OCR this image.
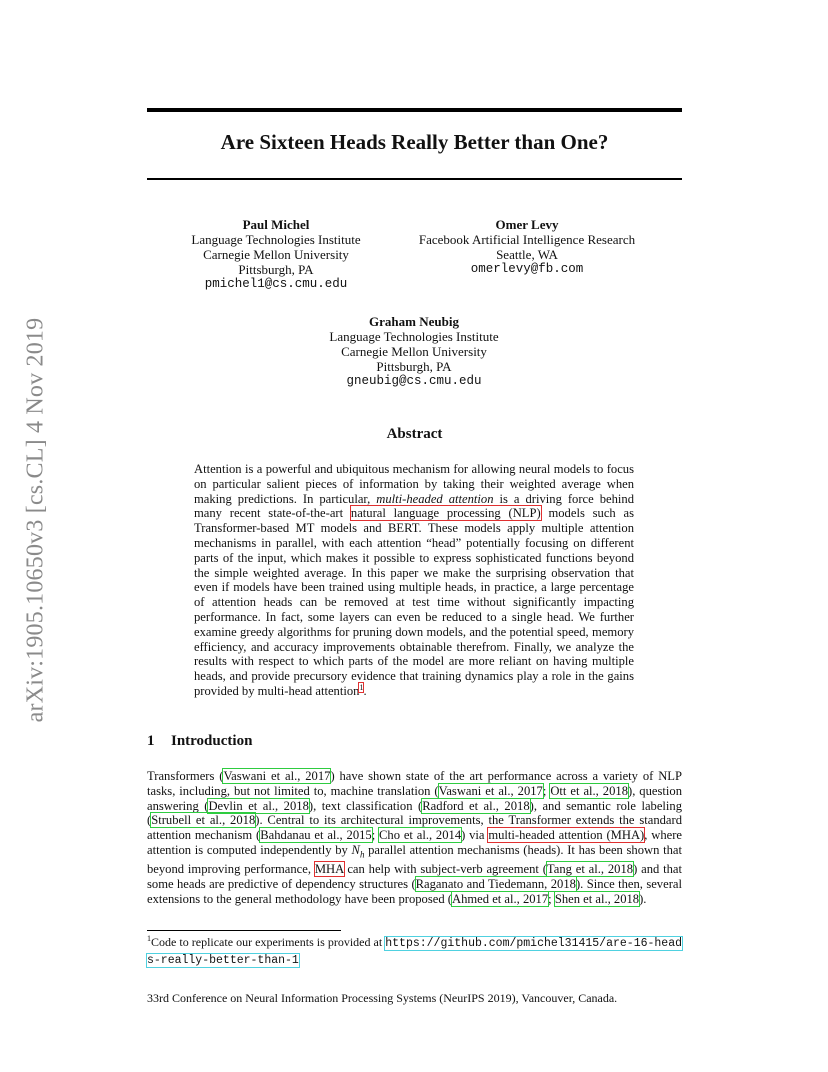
arXiv:1905.10650v3 [cs.CL] 4 Nov 2019
Are Sixteen Heads Really Better than One?
Paul Michel
Language Technologies Institute
Carnegie Mellon University
Pittsburgh, PA
pmichel1@cs.cmu.edu
Omer Levy
Facebook Artificial Intelligence Research
Seattle, WA
omerlevy@fb.com
Graham Neubig
Language Technologies Institute
Carnegie Mellon University
Pittsburgh, PA
gneubig@cs.cmu.edu
Abstract

Attention is a powerful and ubiquitous mechanism for allowing neural models to focus on particular salient pieces of information by taking their weighted average when making predictions. In particular, multi-headed attention is a driving force behind many recent state-of-the-art natural language processing (NLP) models such as Transformer-based MT models and BERT. These models apply multiple attention mechanisms in parallel, with each attention “head” potentially focusing on different parts of the input, which makes it possible to express sophisticated functions beyond the simple weighted average. In this paper we make the surprising observation that even if models have been trained using multiple heads, in practice, a large percentage of attention heads can be removed at test time without significantly impacting performance. In fact, some layers can even be reduced to a single head. We further examine greedy algorithms for pruning down models, and the potential speed, memory efficiency, and accuracy improvements obtainable therefrom. Finally, we analyze the results with respect to which parts of the model are more reliant on having multiple heads, and provide precursory evidence that training dynamics play a role in the gains provided by multi-head attention$^1$.

1 Introduction

Transformers (Vaswani et al., 2017) have shown state of the art performance across a variety of NLP tasks, including, but not limited to, machine translation (Vaswani et al., 2017; Ott et al., 2018), question answering (Devlin et al., 2018), text classification (Radford et al., 2018), and semantic role labeling (Strubell et al., 2018). Central to its architectural improvements, the Transformer extends the standard attention mechanism (Bahdanau et al., 2015; Cho et al., 2014) via multi-headed attention (MHA), where attention is computed independently by $N_h$ parallel attention mechanisms (heads). It has been shown that beyond improving performance, MHA can help with subject-verb agreement (Tang et al., 2018) and that some heads are predictive of dependency structures (Raganato and Tiedemann, 2018). Since then, several extensions to the general methodology have been proposed (Ahmed et al., 2017; Shen et al., 2018).

$^1$Code to replicate our experiments is provided at https://github.com/pmichel31415/are-16-heads-really-better-than-1
33rd Conference on Neural Information Processing Systems (NeurIPS 2019), Vancouver, Canada.
